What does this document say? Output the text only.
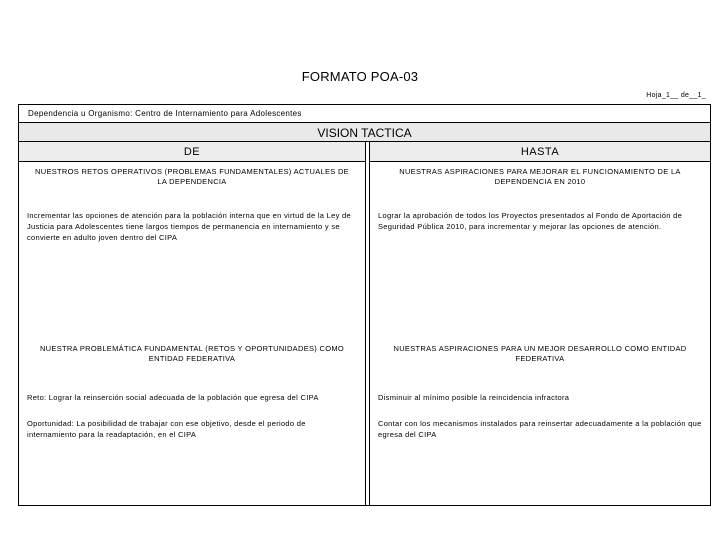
FORMATO POA-03
Hoja_1__ de__1_
Dependencia u Organismo: Centro de Internamiento para Adolescentes
VISION TACTICA
DE
NUESTROS RETOS OPERATIVOS (PROBLEMAS FUNDAMENTALES) ACTUALES DE LA DEPENDENCIA
Incrementar las opciones de atención para la población interna que en virtud de la Ley de Justicia para Adolescentes tiene largos tiempos de permanencia en internamiento y se convierte en adulto joven dentro del CIPA
NUESTRA PROBLEMÁTICA FUNDAMENTAL (RETOS Y OPORTUNIDADES) COMO ENTIDAD FEDERATIVA
Reto: Lograr la reinserción social adecuada de la población que egresa del CIPA
Oportunidad: La posibilidad de trabajar con ese objetivo, desde el periodo de internamiento para la readaptación, en el CIPA
HASTA
NUESTRAS ASPIRACIONES PARA MEJORAR EL FUNCIONAMIENTO DE LA DEPENDENCIA EN 2010
Lograr la aprobación de todos los Proyectos presentados al Fondo de Aportación de Seguridad Pública 2010, para incrementar y mejorar las opciones de atención.
NUESTRAS ASPIRACIONES PARA UN MEJOR DESARROLLO COMO ENTIDAD FEDERATIVA
Disminuir al mínimo posible la reincidencia infractora
Contar con los mecanismos instalados para reinsertar adecuadamente a la población que egresa del CIPA
